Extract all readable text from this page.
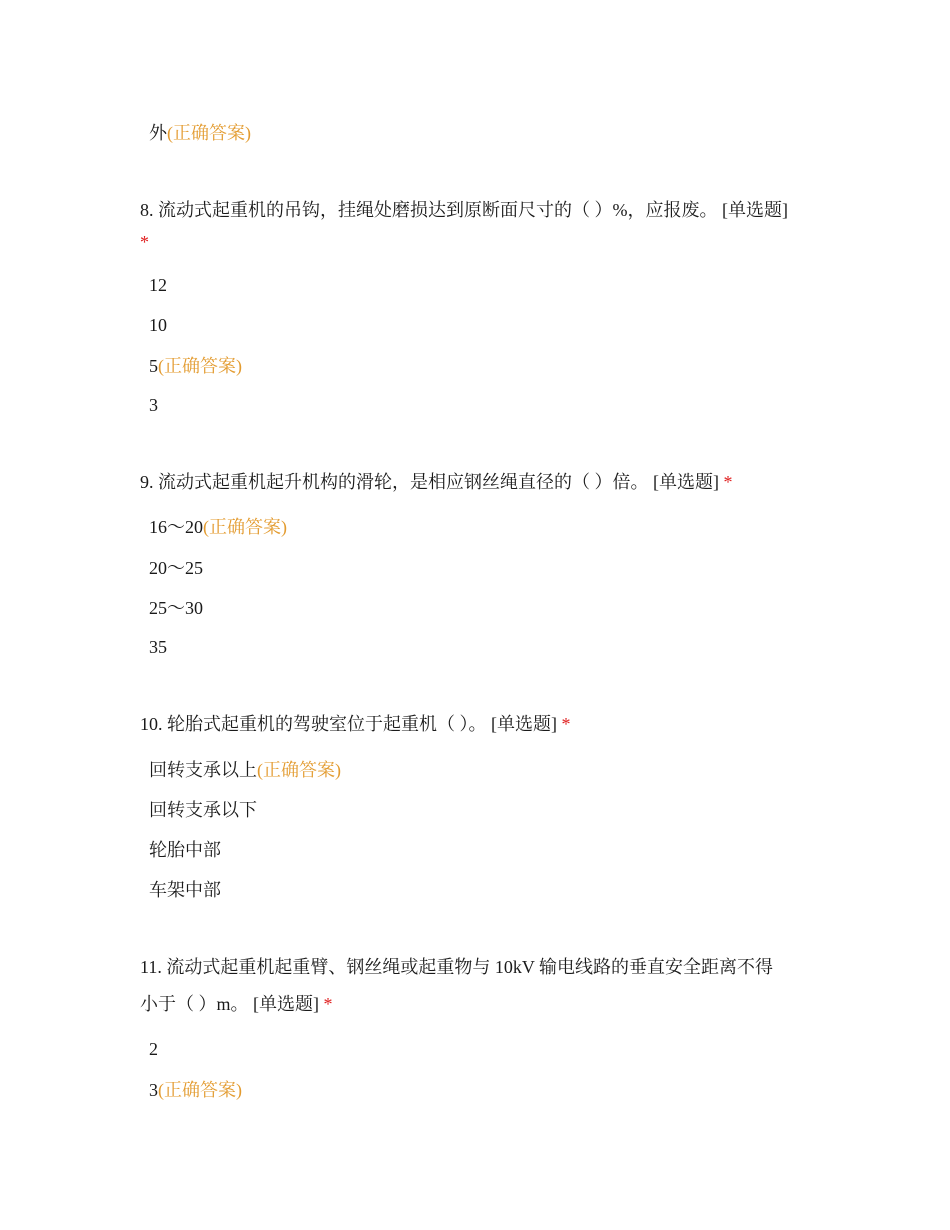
外(正确答案)
8. 流动式起重机的吊钩，挂绳处磨损达到原断面尺寸的（ ）%，应报废。 [单选题]
*
12
10
5(正确答案)
3
9. 流动式起重机起升机构的滑轮，是相应钢丝绳直径的（ ）倍。 [单选题] *
16～20(正确答案)
20～25
25～30
35
10. 轮胎式起重机的驾驶室位于起重机（ ）。 [单选题] *
回转支承以上(正确答案)
回转支承以下
轮胎中部
车架中部
11. 流动式起重机起重臂、钢丝绳或起重物与 10kV 输电线路的垂直安全距离不得
小于（ ）m。 [单选题] *
2
3(正确答案)
